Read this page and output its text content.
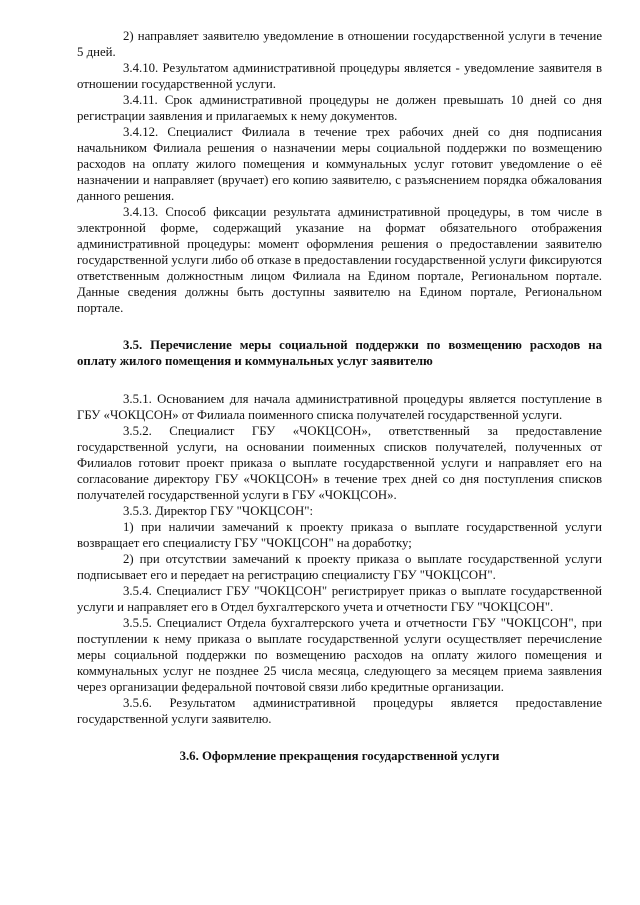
2) направляет заявителю уведомление в отношении государственной услуги в течение 5 дней.

3.4.10. Результатом административной процедуры является - уведомление заявителя в отношении государственной услуги.

3.4.11. Срок административной процедуры не должен превышать 10 дней со дня регистрации заявления и прилагаемых к нему документов.

3.4.12. Специалист Филиала в течение трех рабочих дней со дня подписания начальником Филиала решения о назначении меры социальной поддержки по возмещению расходов на оплату жилого помещения и коммунальных услуг готовит уведомление о её назначении и направляет (вручает) его копию заявителю, с разъяснением порядка обжалования данного решения.

3.4.13. Способ фиксации результата административной процедуры, в том числе в электронной форме, содержащий указание на формат обязательного отображения административной процедуры: момент оформления решения о предоставлении заявителю государственной услуги либо об отказе в предоставлении государственной услуги фиксируются ответственным должностным лицом Филиала на Едином портале, Региональном портале. Данные сведения должны быть доступны заявителю на Едином портале, Региональном портале.

3.5. Перечисление меры социальной поддержки по возмещению расходов на оплату жилого помещения и коммунальных услуг заявителю

3.5.1. Основанием для начала административной процедуры является поступление в ГБУ «ЧОКЦСОН» от Филиала поименного списка получателей государственной услуги.

3.5.2. Специалист ГБУ «ЧОКЦСОН», ответственный за предоставление государственной услуги, на основании поименных списков получателей, полученных от Филиалов готовит проект приказа о выплате государственной услуги и направляет его на согласование директору ГБУ «ЧОКЦСОН» в течение трех дней со дня поступления списков получателей государственной услуги в ГБУ «ЧОКЦСОН».

3.5.3. Директор ГБУ "ЧОКЦСОН":

1) при наличии замечаний к проекту приказа о выплате государственной услуги возвращает его специалисту ГБУ "ЧОКЦСОН" на доработку;

2) при отсутствии замечаний к проекту приказа о выплате государственной услуги подписывает его и передает на регистрацию специалисту ГБУ "ЧОКЦСОН".

3.5.4. Специалист ГБУ "ЧОКЦСОН" регистрирует приказ о выплате государственной услуги и направляет его в Отдел бухгалтерского учета и отчетности ГБУ "ЧОКЦСОН".

3.5.5. Специалист Отдела бухгалтерского учета и отчетности ГБУ "ЧОКЦСОН", при поступлении к нему приказа о выплате государственной услуги осуществляет перечисление меры социальной поддержки по возмещению расходов на оплату жилого помещения и коммунальных услуг не позднее 25 числа месяца, следующего за месяцем приема заявления через организации федеральной почтовой связи либо кредитные организации.

3.5.6. Результатом административной процедуры является предоставление государственной услуги заявителю.

3.6. Оформление прекращения государственной услуги
